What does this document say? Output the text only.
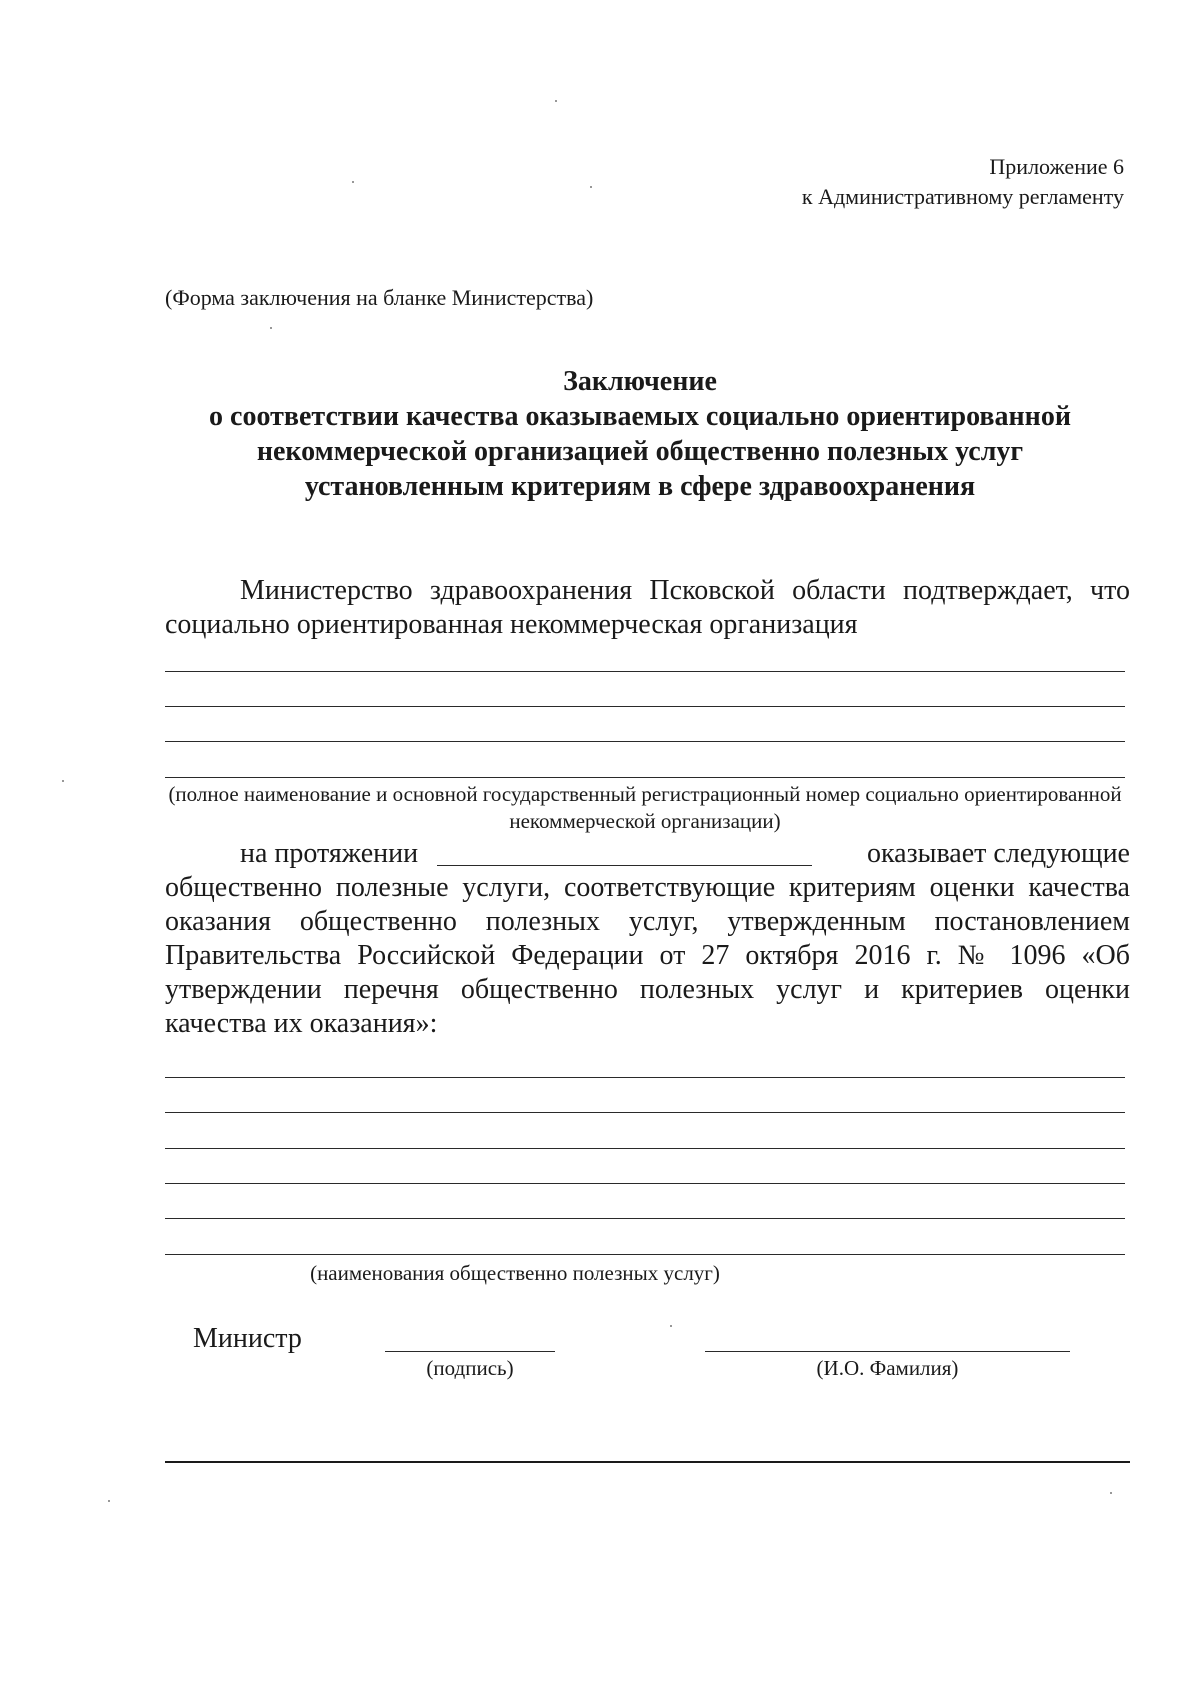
Приложение 6
к Административному регламенту
(Форма заключения на бланке Министерства)
Заключение
о соответствии качества оказываемых социально ориентированной
некоммерческой организацией общественно полезных услуг
установленным критериям в сфере здравоохранения
Министерство здравоохранения Псковской области подтверждает, что социально ориентированная некоммерческая организация
(полное наименование и основной государственный регистрационный номер социально ориентированной некоммерческой организации)
на протяжении	оказывает следующие
общественно полезные услуги, соответствующие критериям оценки качества оказания общественно полезных услуг, утвержденным постановлением Правительства Российской Федерации от 27 октября 2016 г. № 1096 «Об утверждении перечня общественно полезных услуг и критериев оценки качества их оказания»:
(наименования общественно полезных услуг)
Министр
(подпись)	(И.О. Фамилия)
